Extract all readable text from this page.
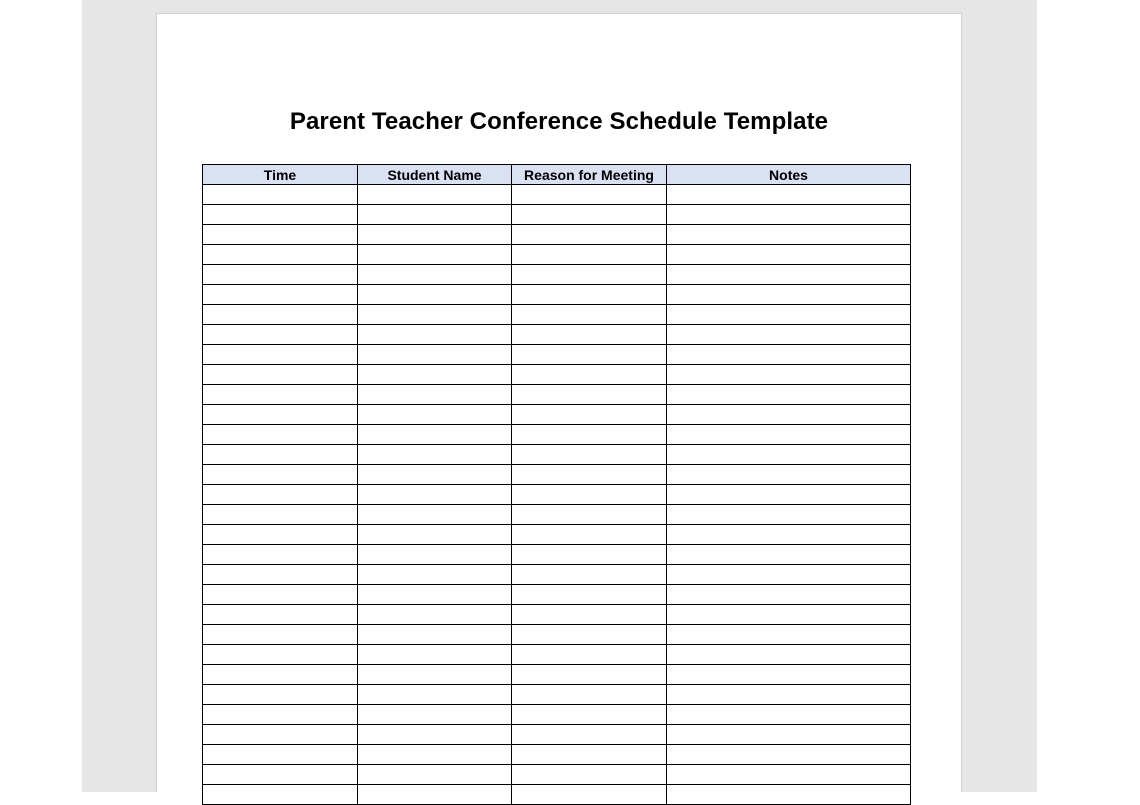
Parent Teacher Conference Schedule Template
Time	Student Name	Reason for Meeting	Notes
